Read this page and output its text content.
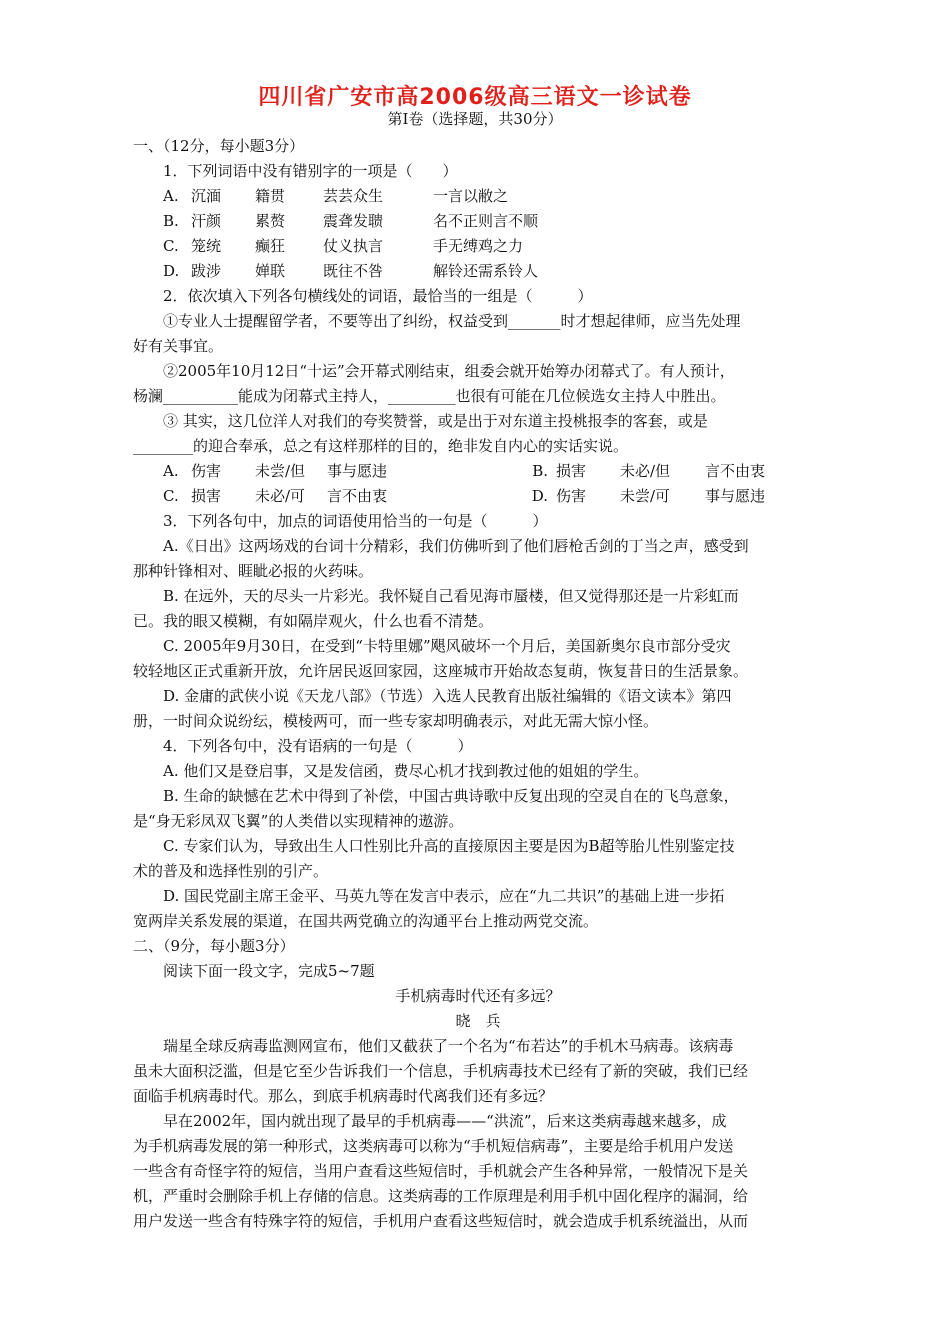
四川省广安市高2006级高三语文一诊试卷
第Ⅰ卷（选择题，共30分）

一、（12分，每小题3分）

1．下列词语中没有错别字的一项是（　　）

A. 沉湎	籍贯	芸芸众生	一言以敝之
B. 汗颜	累赘	震聋发聩	名不正则言不顺
C. 笼统	癫狂	仗义执言	手无缚鸡之力
D. 跋涉	婵联	既往不咎	解铃还需系铃人

2．依次填入下列各句横线处的词语，最恰当的一组是（　　　）

①专业人士提醒留学者，不要等出了纠纷，权益受到_______时才想起律师，应当先处理

好有关事宜。

②2005年10月12日“十运”会开幕式刚结束，组委会就开始筹办闭幕式了。有人预计，

杨澜__________能成为闭幕式主持人，_________也很有可能在几位候选女主持人中胜出。

③ 其实，这几位洋人对我们的夸奖赞誉，或是出于对东道主投桃报李的客套，或是

________的迎合奉承，总之有这样那样的目的，绝非发自内心的实话实说。

A. 伤害	未尝/但	事与愿违	B. 损害	未必/但	言不由衷
C. 损害	未必/可	言不由衷	D. 伤害	未尝/可	事与愿违

3．下列各句中，加点的词语使用恰当的一句是（　　　）

A.《日出》这两场戏的台词十分精彩，我们仿佛听到了他们唇枪舌剑的丁当之声，感受到

那种针锋相对、睚眦必报的火药味。

B. 在远外，天的尽头一片彩光。我怀疑自己看见海市蜃楼，但又觉得那还是一片彩虹而

已。我的眼又模糊，有如隔岸观火，什么也看不清楚。

C. 2005年9月30日，在受到“卡特里娜”飓风破坏一个月后，美国新奥尔良市部分受灾

较轻地区正式重新开放，允许居民返回家园，这座城市开始故态复萌，恢复昔日的生活景象。

D. 金庸的武侠小说《天龙八部》（节选）入选人民教育出版社编辑的《语文读本》第四

册，一时间众说纷纭，模棱两可，而一些专家却明确表示，对此无需大惊小怪。

4．下列各句中，没有语病的一句是（　　　）

A. 他们又是登启事，又是发信函，费尽心机才找到教过他的姐姐的学生。

B. 生命的缺憾在艺术中得到了补偿，中国古典诗歌中反复出现的空灵自在的飞鸟意象，

是“身无彩凤双飞翼”的人类借以实现精神的遨游。

C. 专家们认为，导致出生人口性别比升高的直接原因主要是因为B超等胎儿性别鉴定技

术的普及和选择性别的引产。

D. 国民党副主席王金平、马英九等在发言中表示，应在“九二共识”的基础上进一步拓

宽两岸关系发展的渠道，在国共两党确立的沟通平台上推动两党交流。

二、（9分，每小题3分）

阅读下面一段文字，完成5~7题

手机病毒时代还有多远？

晓　兵

瑞星全球反病毒监测网宣布，他们又截获了一个名为“布若达”的手机木马病毒。该病毒

虽未大面积泛滥，但是它至少告诉我们一个信息，手机病毒技术已经有了新的突破，我们已经

面临手机病毒时代。那么，到底手机病毒时代离我们还有多远？

早在2002年，国内就出现了最早的手机病毒——“洪流”，后来这类病毒越来越多，成

为手机病毒发展的第一种形式，这类病毒可以称为“手机短信病毒”，主要是给手机用户发送

一些含有奇怪字符的短信，当用户查看这些短信时，手机就会产生各种异常，一般情况下是关

机，严重时会删除手机上存储的信息。这类病毒的工作原理是利用手机中固化程序的漏洞，给

用户发送一些含有特殊字符的短信，手机用户查看这些短信时，就会造成手机系统溢出，从而
